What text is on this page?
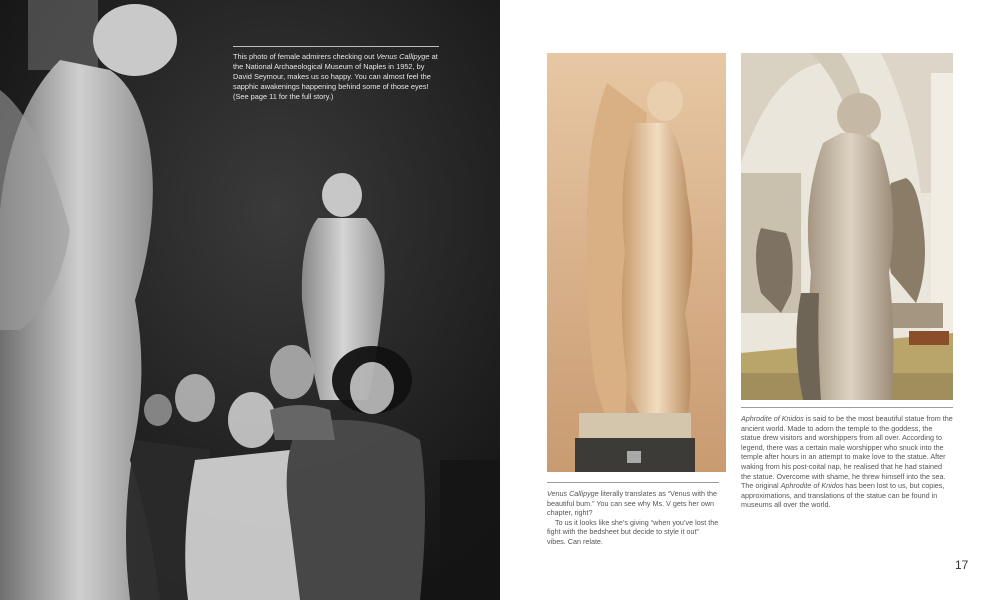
This photo of female admirers checking out Venus Callipyge at the National Archaeological Museum of Naples in 1952, by David Seymour, makes us so happy. You can almost feel the sapphic awakenings happening behind some of those eyes! (See page 11 for the full story.)

Venus Callipyge literally translates as “Venus with the beautiful bum.” You can see why Ms. V gets her own chapter, right?

To us it looks like she’s giving “when you’ve lost the fight with the bedsheet but decide to style it out” vibes. Can relate.

Aphrodite of Knidos is said to be the most beautiful statue from the ancient world. Made to adorn the temple to the goddess, the statue drew visitors and worshippers from all over. According to legend, there was a certain male worshipper who snuck into the temple after hours in an attempt to make love to the statue. After waking from his post-coital nap, he realised that he had stained the statue. Overcome with shame, he threw himself into the sea. The original Aphrodite of Knidos has been lost to us, but copies, approximations, and translations of the statue can be found in museums all over the world.

17
